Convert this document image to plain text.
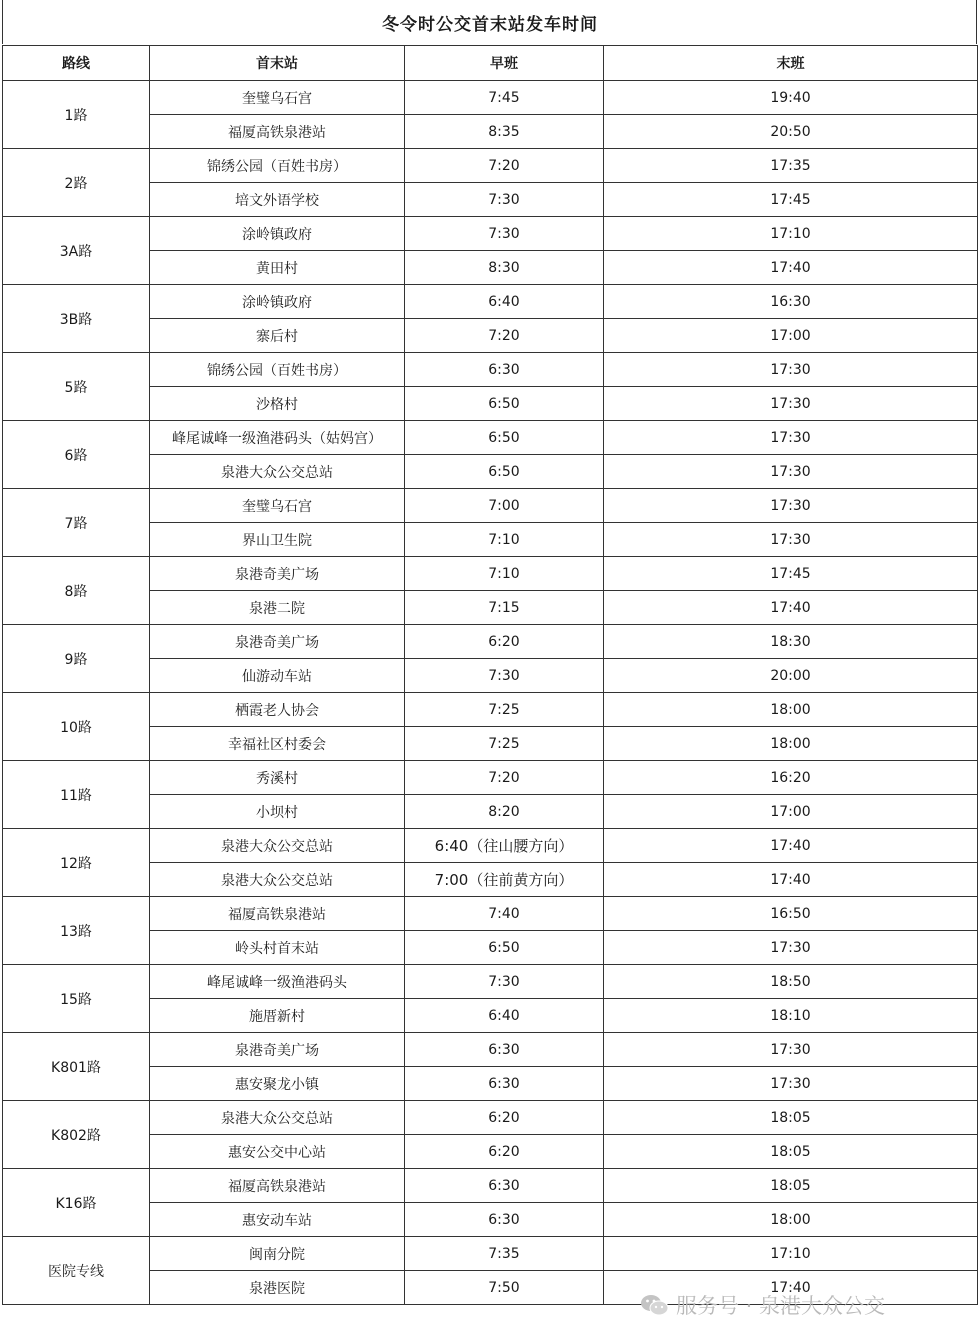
冬令时公交首末站发车时间
路线	首末站	早班	末班
1路	奎璧乌石宫	7:45	19:40
	福厦高铁泉港站	8:35	20:50
2路	锦绣公园（百姓书房）	7:20	17:35
	培文外语学校	7:30	17:45
3A路	涂岭镇政府	7:30	17:10
	黄田村	8:30	17:40
3B路	涂岭镇政府	6:40	16:30
	寨后村	7:20	17:00
5路	锦绣公园（百姓书房）	6:30	17:30
	沙格村	6:50	17:30
6路	峰尾诚峰一级渔港码头（姑妈宫）	6:50	17:30
	泉港大众公交总站	6:50	17:30
7路	奎璧乌石宫	7:00	17:30
	界山卫生院	7:10	17:30
8路	泉港奇美广场	7:10	17:45
	泉港二院	7:15	17:40
9路	泉港奇美广场	6:20	18:30
	仙游动车站	7:30	20:00
10路	栖霞老人协会	7:25	18:00
	幸福社区村委会	7:25	18:00
11路	秀溪村	7:20	16:20
	小坝村	8:20	17:00
12路	泉港大众公交总站	6:40（往山腰方向）	17:40
	泉港大众公交总站	7:00（往前黄方向）	17:40
13路	福厦高铁泉港站	7:40	16:50
	岭头村首末站	6:50	17:30
15路	峰尾诚峰一级渔港码头	7:30	18:50
	施厝新村	6:40	18:10
K801路	泉港奇美广场	6:30	17:30
	惠安聚龙小镇	6:30	17:30
K802路	泉港大众公交总站	6:20	18:05
	惠安公交中心站	6:20	18:05
K16路	福厦高铁泉港站	6:30	18:05
	惠安动车站	6:30	18:00
医院专线	闽南分院	7:35	17:10
	泉港医院	7:50	17:40
服务号 · 泉港大众公交
